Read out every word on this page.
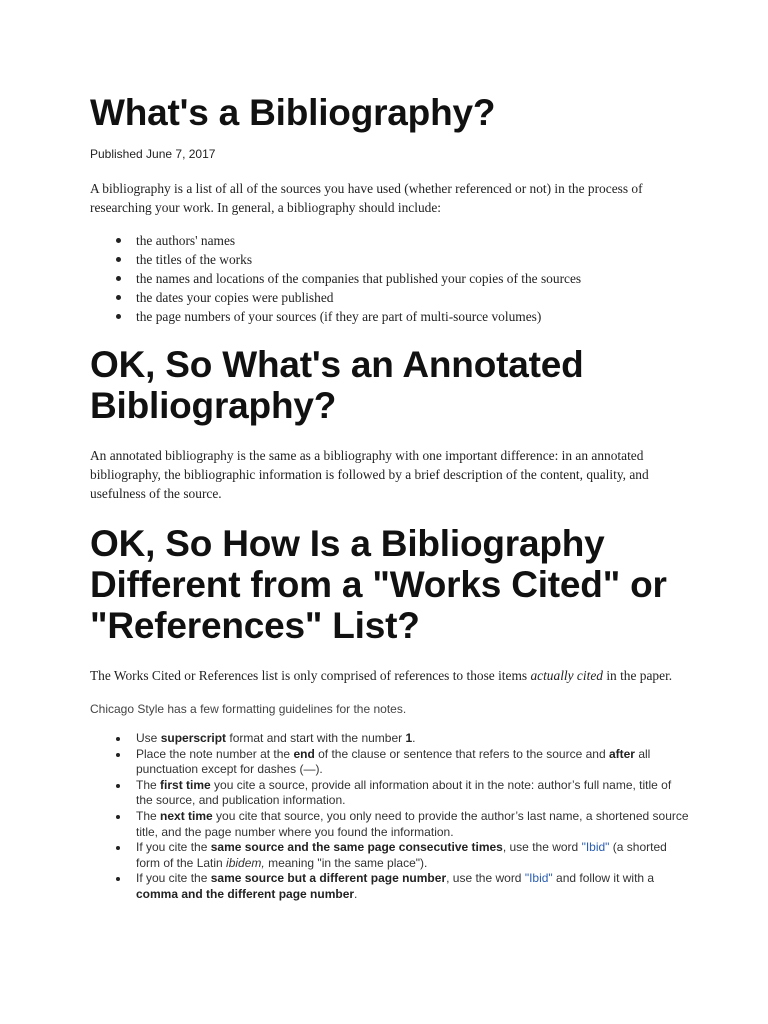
What's a Bibliography?

Published June 7, 2017

A bibliography is a list of all of the sources you have used (whether referenced or not) in the process of researching your work. In general, a bibliography should include:

the authors' names
the titles of the works
the names and locations of the companies that published your copies of the sources
the dates your copies were published
the page numbers of your sources (if they are part of multi-source volumes)
OK, So What's an Annotated Bibliography?

An annotated bibliography is the same as a bibliography with one important difference: in an annotated bibliography, the bibliographic information is followed by a brief description of the content, quality, and usefulness of the source.

OK, So How Is a Bibliography Different from a "Works Cited" or "References" List?

The Works Cited or References list is only comprised of references to those items actually cited in the paper.

Chicago Style has a few formatting guidelines for the notes.

Use superscript format and start with the number 1.
Place the note number at the end of the clause or sentence that refers to the source and after all punctuation except for dashes (—).
The first time you cite a source, provide all information about it in the note: author’s full name, title of the source, and publication information.
The next time you cite that source, you only need to provide the author’s last name, a shortened source title, and the page number where you found the information.
If you cite the same source and the same page consecutive times, use the word "Ibid" (a shorted form of the Latin ibidem, meaning "in the same place").
If you cite the same source but a different page number, use the word "Ibid" and follow it with a comma and the different page number.
